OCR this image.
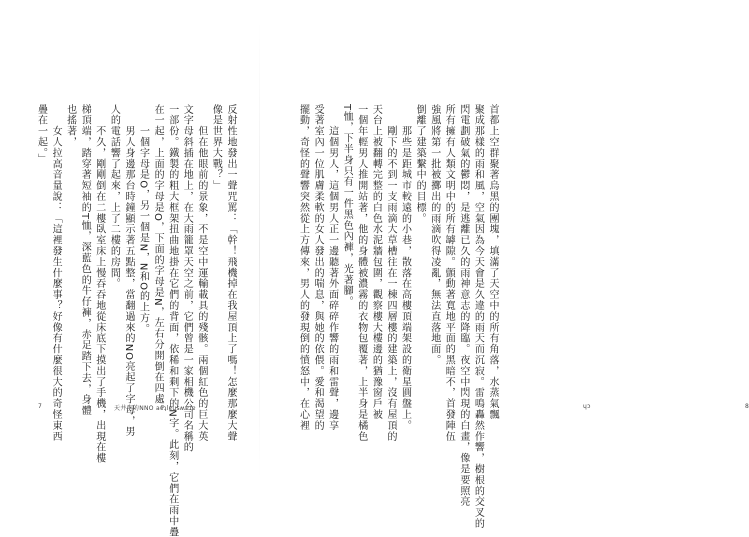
反射性地發出一聲咒罵：「幹！飛機掉在我屋頂上了嗎！怎麼那麼大聲
像是世界大戰？」
　　但在他眼前的景象，不是空中運輸載具的殘骸。兩個紅色的巨大英
文字母斜插在地上，在大雨籠罩天空之前，它們曾是一家相機公司名稱的
一部份。鐵製的粗大框架扭曲地掛在它們的背面，依稀和剩下的N字。此刻，它們在雨中疊
在一起，上面的字母是O，下面的字母是N，左右分開倒在四處。
　　一個字母是O，另一個是N，N和O的上方。
　　男人身邊那台時鐘顯示著五點整，當翻過來的NO亮起了字母，男
人的電話響了起來，上了二樓的房間。
　　不久，剛剛倒在二樓臥室床上慢吞吞地從床底下摸出了手機，出現在樓
梯頂端，踏穿著短袖的T恤，深藍色的牛仔褲，赤足踏下去，身體
也搖著，
　　女人拉高音量說：「這裡發生什麼事？好像有什麼很大的奇怪東西
疊在一起。」
7	天井上的NNO aɐʇlɐɥsʍɐɹɐ	首都上空群聚著烏黑的團塊，填滿了天空中的所有角落，水蒸氣飄
聚成那樣的雨和風，空氣因為今天會是久違的雨天而沉寂。雷鳴轟然作響，樹根的交叉的
閃電劃破氣的鬱悶，是逃離已久的雨神意志的降臨。夜空中閃現的白畫，像是要照亮
所有擁有人類文明中的所有罅隙。顫動著寬地平面的黑暗不，首發陣伍
強風將第一批被擲出的雨滴吹得凌亂，無法直落地面。
倒離了建築繫中的目標。
　　那些是距城市較遠的小巷，散落在高樓頂端架設的衛星圓盤上。
　　剛下的不到一支雨滴大草槽往在一棟四層樓的建築上，沒有屋頂的
天台上被翻轉完整的白色水泥牆包圍，觀察樓大樓邊的猶豫窗戶被
一個年輕男人推開站著，他的身體被濃霧的衣物包覆著，上半身是橘色
T恤，下半身只有一件黑色內褲，光著腳。
　　這個男人，這個男人正一邊聽著外面碎碎作響的雨和雷聲，邊享
受著室內一位肌膚柔軟的女人發出的喘息，與她的依偎。愛和渴望的
擺動，奇怪的聲響突然從上方傳來，男人的發現倒的憤怒中，在心裡	ɥɔ	8
